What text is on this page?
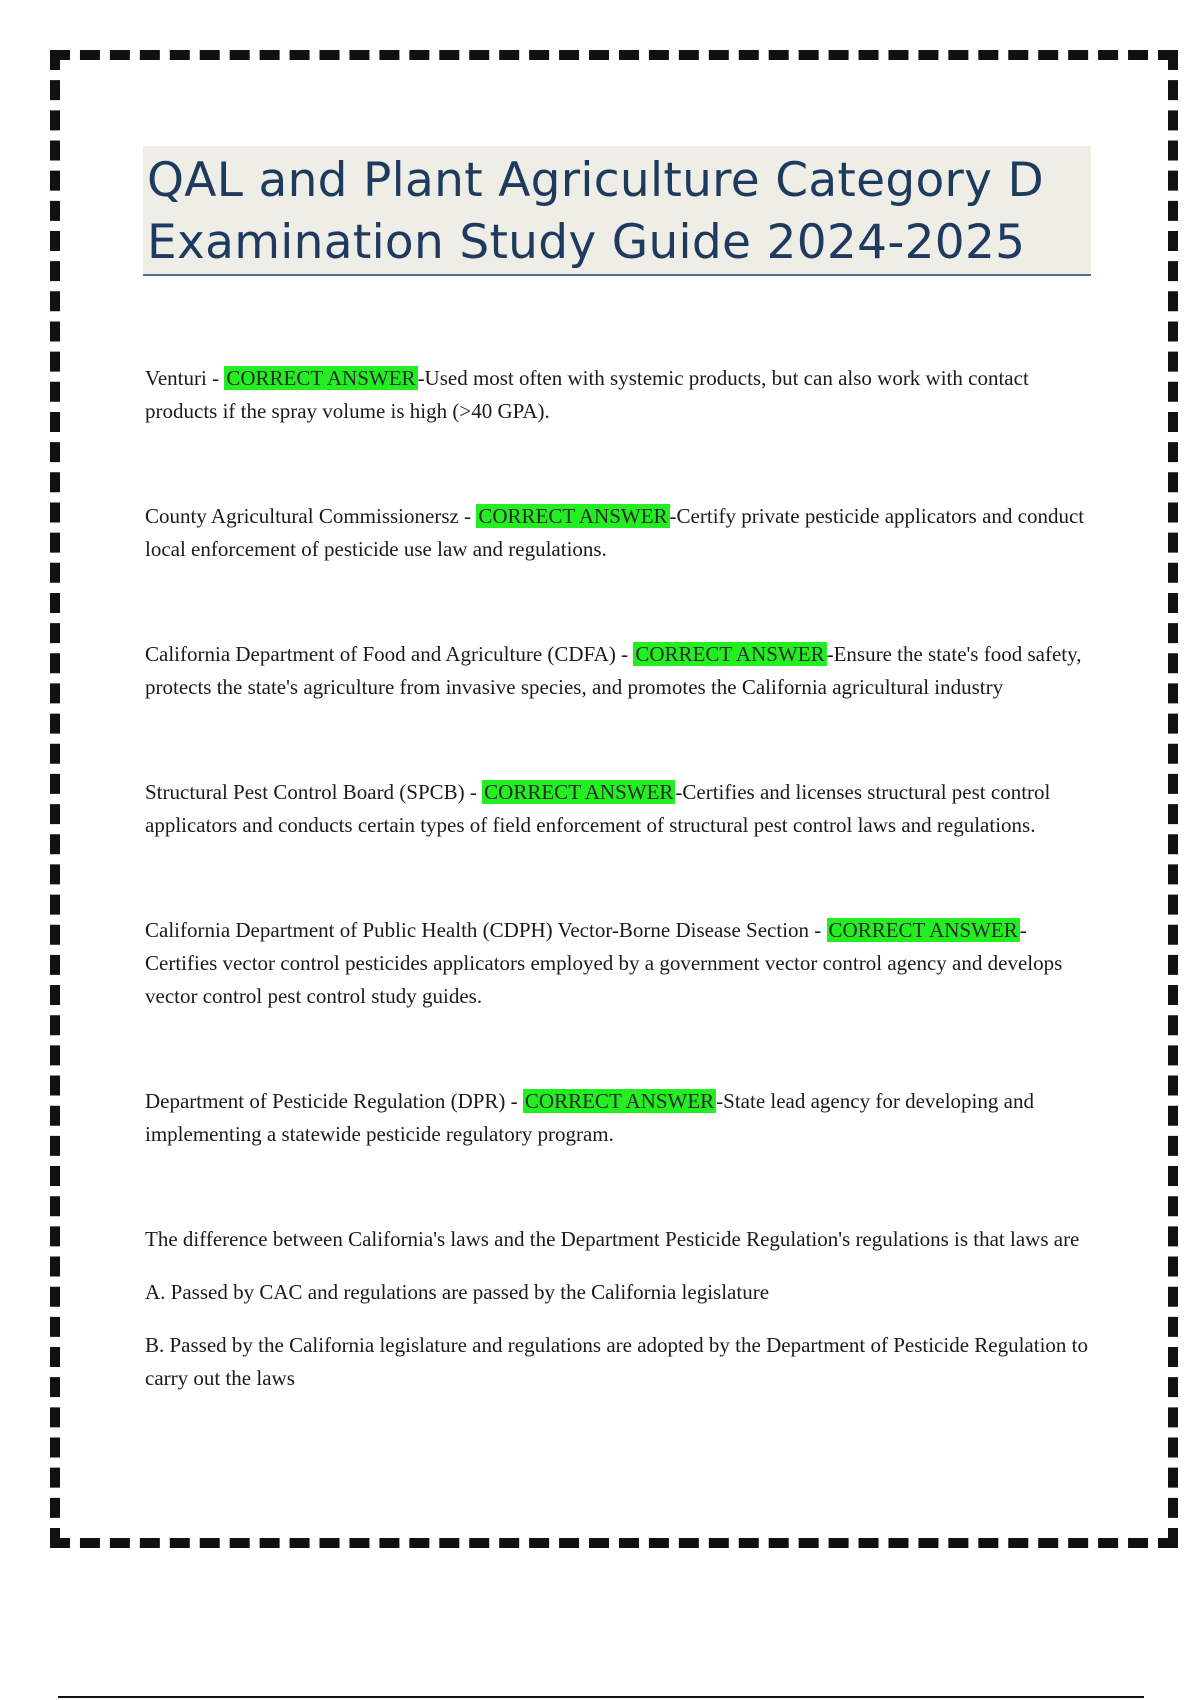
QAL and Plant Agriculture Category D
Examination Study Guide 2024-2025

Venturi - CORRECT ANSWER-Used most often with systemic products, but can also work with contact products if the spray volume is high (>40 GPA).

County Agricultural Commissionersz - CORRECT ANSWER-Certify private pesticide applicators and conduct local enforcement of pesticide use law and regulations.

California Department of Food and Agriculture (CDFA) - CORRECT ANSWER-Ensure the state's food safety, protects the state's agriculture from invasive species, and promotes the California agricultural industry

Structural Pest Control Board (SPCB) - CORRECT ANSWER-Certifies and licenses structural pest control applicators and conducts certain types of field enforcement of structural pest control laws and regulations.

California Department of Public Health (CDPH) Vector-Borne Disease Section - CORRECT ANSWER-Certifies vector control pesticides applicators employed by a government vector control agency and develops vector control pest control study guides.

Department of Pesticide Regulation (DPR) - CORRECT ANSWER-State lead agency for developing and implementing a statewide pesticide regulatory program.

The difference between California's laws and the Department Pesticide Regulation's regulations is that laws are

A. Passed by CAC and regulations are passed by the California legislature

B. Passed by the California legislature and regulations are adopted by the Department of Pesticide Regulation to carry out the laws
